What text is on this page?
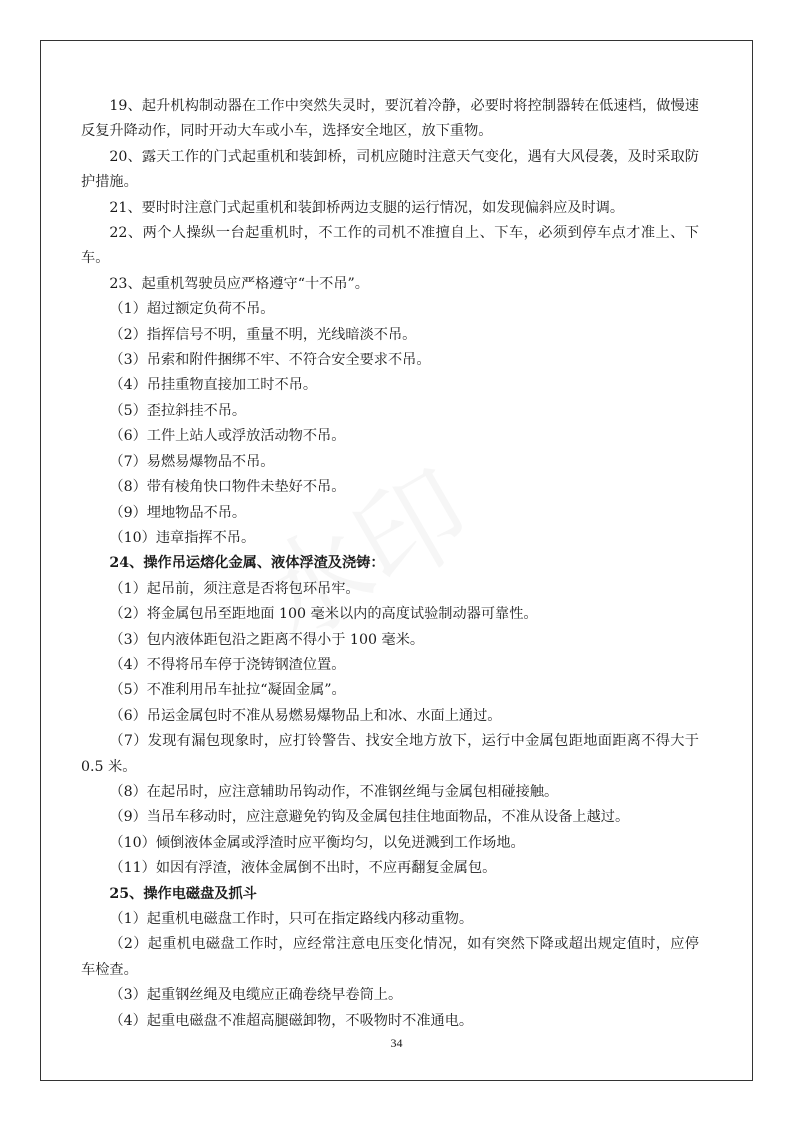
19、起升机构制动器在工作中突然失灵时，要沉着冷静，必要时将控制器转在低速档，做慢速反复升降动作，同时开动大车或小车，选择安全地区，放下重物。

20、露天工作的门式起重机和装卸桥，司机应随时注意天气变化，遇有大风侵袭，及时采取防护措施。

21、要时时注意门式起重机和装卸桥两边支腿的运行情况，如发现偏斜应及时调。

22、两个人操纵一台起重机时，不工作的司机不准擅自上、下车，必须到停车点才准上、下车。

23、起重机驾驶员应严格遵守“十不吊”。

（1）超过额定负荷不吊。

（2）指挥信号不明，重量不明，光线暗淡不吊。

（3）吊索和附件捆绑不牢、不符合安全要求不吊。

（4）吊挂重物直接加工时不吊。

（5）歪拉斜挂不吊。

（6）工件上站人或浮放活动物不吊。

（7）易燃易爆物品不吊。

（8）带有棱角快口物件未垫好不吊。

（9）埋地物品不吊。

（10）违章指挥不吊。

24、操作吊运熔化金属、液体浮渣及浇铸：

（1）起吊前，须注意是否将包环吊牢。

（2）将金属包吊至距地面 100 毫米以内的高度试验制动器可靠性。

（3）包内液体距包沿之距离不得小于 100 毫米。

（4）不得将吊车停于浇铸钢渣位置。

（5）不准利用吊车扯拉“凝固金属”。

（6）吊运金属包时不准从易燃易爆物品上和冰、水面上通过。

（7）发现有漏包现象时，应打铃警告、找安全地方放下，运行中金属包距地面距离不得大于 0.5 米。

（8）在起吊时，应注意辅助吊钩动作，不准钢丝绳与金属包相碰接触。

（9）当吊车移动时，应注意避免钓钩及金属包挂住地面物品，不准从设备上越过。

（10）倾倒液体金属或浮渣时应平衡均匀，以免迸溅到工作场地。

（11）如因有浮渣，液体金属倒不出时，不应再翻复金属包。

25、操作电磁盘及抓斗

（1）起重机电磁盘工作时，只可在指定路线内移动重物。

（2）起重机电磁盘工作时，应经常注意电压变化情况，如有突然下降或超出规定值时，应停车检查。

（3）起重钢丝绳及电缆应正确卷绕早卷筒上。

（4）起重电磁盘不准超高腿磁卸物，不吸物时不准通电。

34
